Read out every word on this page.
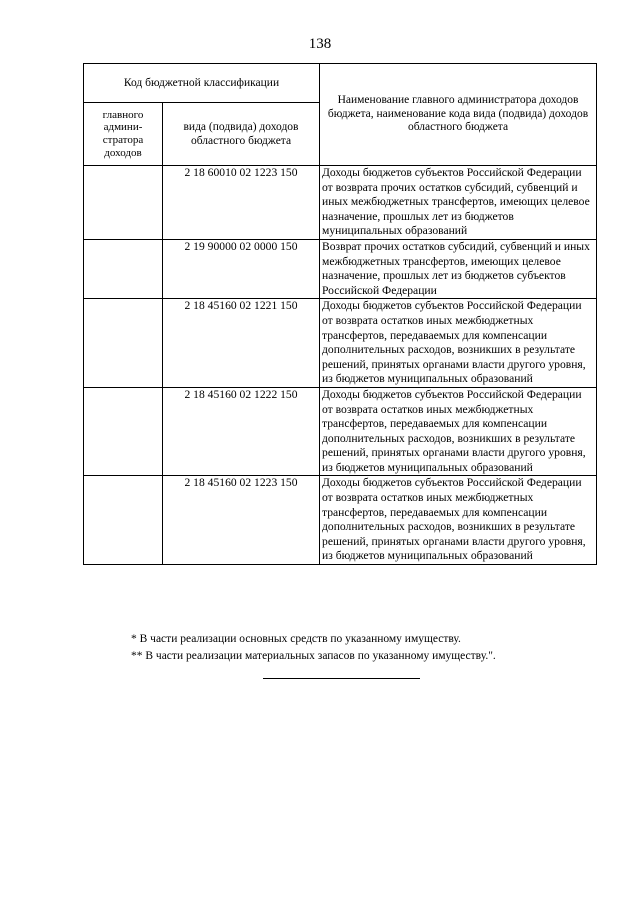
138
Код бюджетной классификации		Наименование главного администратора доходов бюджета, наименование кода вида (подвида) доходов областного бюджета
главного админи-стратора доходов	вида (подвида) доходов областного бюджета	
	2 18 60010 02 1223 150	Доходы бюджетов субъектов Российской Федерации от возврата прочих остатков субсидий, субвенций и иных межбюджетных трансфертов, имеющих целевое назначение, прошлых лет из бюджетов муниципальных образований
	2 19 90000 02 0000 150	Возврат прочих остатков субсидий, субвенций и иных межбюджетных трансфертов, имеющих целевое назначение, прошлых лет из бюджетов субъектов Российской Федерации
	2 18 45160 02 1221 150	Доходы бюджетов субъектов Российской Федерации от возврата остатков иных межбюджетных трансфертов, передаваемых для компенсации дополнительных расходов, возникших в результате решений, принятых органами власти другого уровня, из бюджетов муниципальных образований
	2 18 45160 02 1222 150	Доходы бюджетов субъектов Российской Федерации от возврата остатков иных межбюджетных трансфертов, передаваемых для компенсации дополнительных расходов, возникших в результате решений, принятых органами власти другого уровня, из бюджетов муниципальных образований
	2 18 45160 02 1223 150	Доходы бюджетов субъектов Российской Федерации от возврата остатков иных межбюджетных трансфертов, передаваемых для компенсации дополнительных расходов, возникших в результате решений, принятых органами власти другого уровня, из бюджетов муниципальных образований
* В части реализации основных средств по указанному имуществу.
** В части реализации материальных запасов по указанному имуществу.".
